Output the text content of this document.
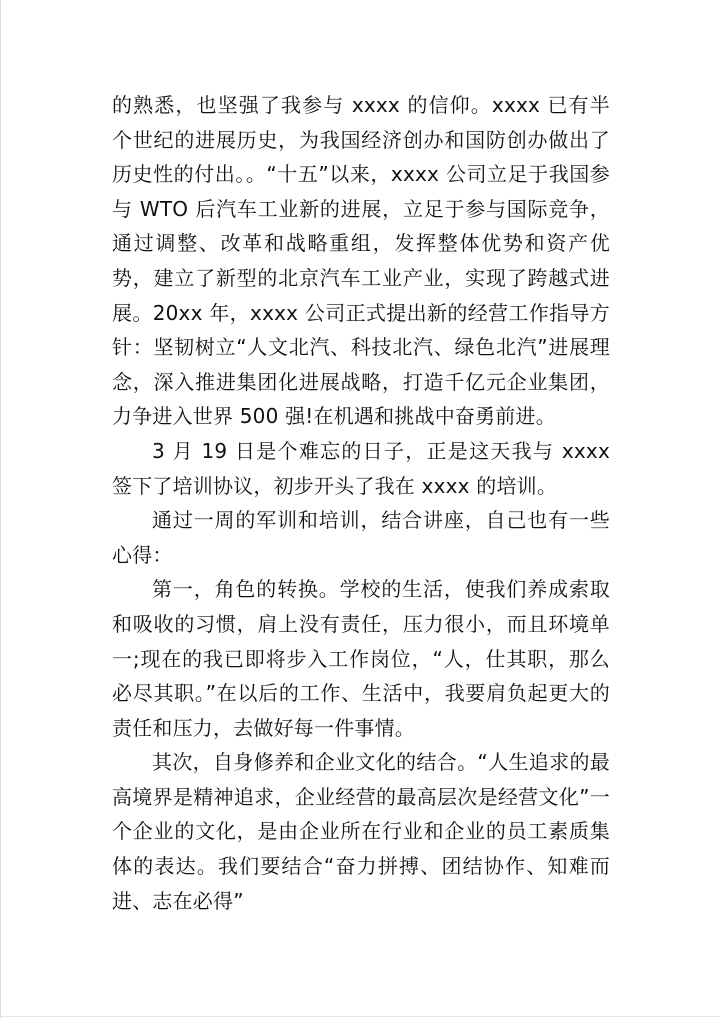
的熟悉，也坚强了我参与 xxxx 的信仰。xxxx 已有半个世纪的进展历史，为我国经济创办和国防创办做出了历史性的付出。。“十五”以来，xxxx 公司立足于我国参与 WTO 后汽车工业新的进展，立足于参与国际竞争，通过调整、改革和战略重组，发挥整体优势和资产优势，建立了新型的北京汽车工业产业，实现了跨越式进展。20xx 年，xxxx 公司正式提出新的经营工作指导方针：坚韧树立“人文北汽、科技北汽、绿色北汽”进展理念，深入推进集团化进展战略，打造千亿元企业集团，力争进入世界 500 强!在机遇和挑战中奋勇前进。

3 月 19 日是个难忘的日子，正是这天我与 xxxx 签下了培训协议，初步开头了我在 xxxx 的培训。

通过一周的军训和培训，结合讲座，自己也有一些心得：

第一，角色的转换。学校的生活，使我们养成索取和吸收的习惯，肩上没有责任，压力很小，而且环境单一;现在的我已即将步入工作岗位，“人，仕其职，那么必尽其职。”在以后的工作、生活中，我要肩负起更大的责任和压力，去做好每一件事情。

其次，自身修养和企业文化的结合。“人生追求的最高境界是精神追求，企业经营的最高层次是经营文化”一个企业的文化，是由企业所在行业和企业的员工素质集体的表达。我们要结合“奋力拼搏、团结协作、知难而进、志在必得”
